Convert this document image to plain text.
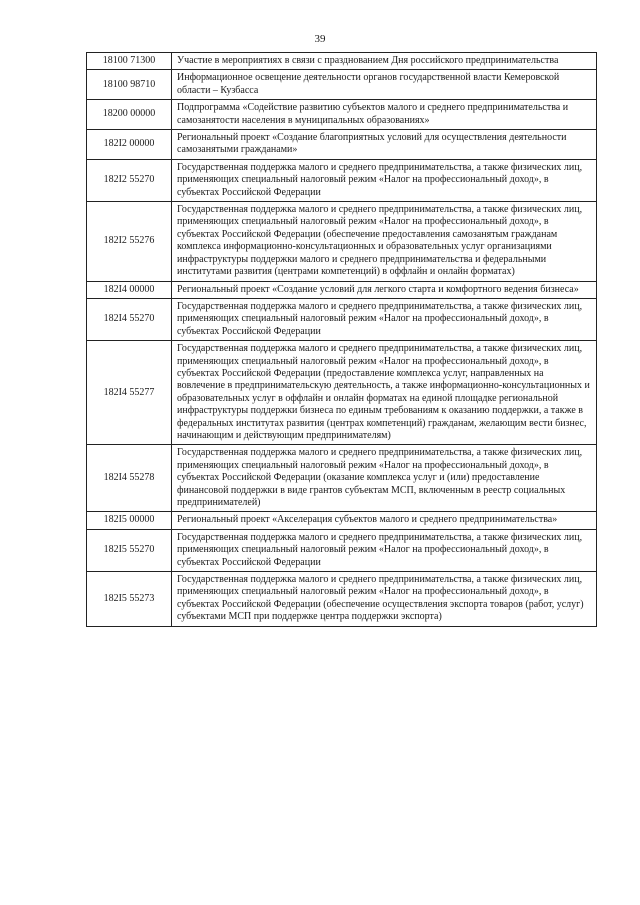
39
18100 71300	Участие в мероприятиях в связи с празднованием Дня российского предпринимательства
18100 98710	Информационное освещение деятельности органов государственной власти Кемеровской области – Кузбасса
18200 00000	Подпрограмма «Содействие развитию субъектов малого и среднего предпринимательства и самозанятости населения в муниципальных образованиях»
182I2 00000	Региональный проект «Создание благоприятных условий для осуществления деятельности самозанятыми гражданами»
182I2 55270	Государственная поддержка малого и среднего предпринимательства, а также физических лиц, применяющих специальный налоговый режим «Налог на профессиональный доход», в субъектах Российской Федерации
182I2 55276	Государственная поддержка малого и среднего предпринимательства, а также физических лиц, применяющих специальный налоговый режим «Налог на профессиональный доход», в субъектах Российской Федерации (обеспечение предоставления самозанятым гражданам комплекса информационно-консультационных и образовательных услуг организациями инфраструктуры поддержки малого и среднего предпринимательства и федеральными институтами развития (центрами компетенций) в оффлайн и онлайн форматах)
182I4 00000	Региональный проект «Создание условий для легкого старта и комфортного ведения бизнеса»
182I4 55270	Государственная поддержка малого и среднего предпринимательства, а также физических лиц, применяющих специальный налоговый режим «Налог на профессиональный доход», в субъектах Российской Федерации
182I4 55277	Государственная поддержка малого и среднего предпринимательства, а также физических лиц, применяющих специальный налоговый режим «Налог на профессиональный доход», в субъектах Российской Федерации (предоставление комплекса услуг, направленных на вовлечение в предпринимательскую деятельность, а также информационно-консультационных и образовательных услуг в оффлайн и онлайн форматах на единой площадке региональной инфраструктуры поддержки бизнеса по единым требованиям к оказанию поддержки, а также в федеральных институтах развития (центрах компетенций) гражданам, желающим вести бизнес, начинающим и действующим предпринимателям)
182I4 55278	Государственная поддержка малого и среднего предпринимательства, а также физических лиц, применяющих специальный налоговый режим «Налог на профессиональный доход», в субъектах Российской Федерации (оказание комплекса услуг и (или) предоставление финансовой поддержки в виде грантов субъектам МСП, включенным в реестр социальных предпринимателей)
182I5 00000	Региональный проект «Акселерация субъектов малого и среднего предпринимательства»
182I5 55270	Государственная поддержка малого и среднего предпринимательства, а также физических лиц, применяющих специальный налоговый режим «Налог на профессиональный доход», в субъектах Российской Федерации
182I5 55273	Государственная поддержка малого и среднего предпринимательства, а также физических лиц, применяющих специальный налоговый режим «Налог на профессиональный доход», в субъектах Российской Федерации (обеспечение осуществления экспорта товаров (работ, услуг) субъектами МСП при поддержке центра поддержки экспорта)
